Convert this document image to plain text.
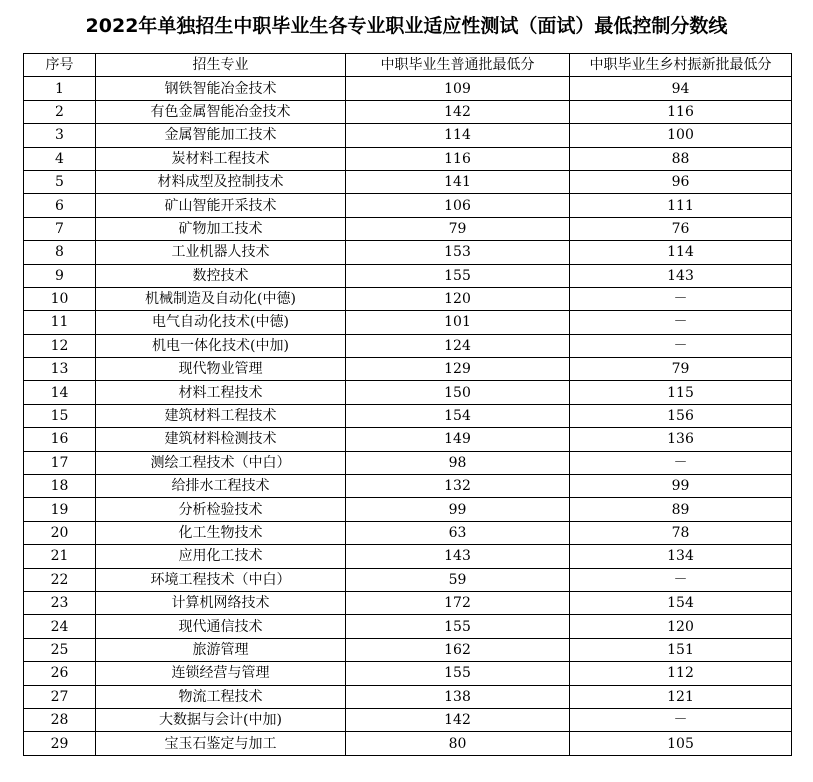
2022年单独招生中职毕业生各专业职业适应性测试（面试）最低控制分数线
序号	招生专业	中职毕业生普通批最低分	中职毕业生乡村振新批最低分
1	钢铁智能冶金技术	109	94
2	有色金属智能冶金技术	142	116
3	金属智能加工技术	114	100
4	炭材料工程技术	116	88
5	材料成型及控制技术	141	96
6	矿山智能开采技术	106	111
7	矿物加工技术	79	76
8	工业机器人技术	153	114
9	数控技术	155	143
10	机械制造及自动化(中德)	120	－
11	电气自动化技术(中德)	101	－
12	机电一体化技术(中加)	124	－
13	现代物业管理	129	79
14	材料工程技术	150	115
15	建筑材料工程技术	154	156
16	建筑材料检测技术	149	136
17	测绘工程技术（中白）	98	－
18	给排水工程技术	132	99
19	分析检验技术	99	89
20	化工生物技术	63	78
21	应用化工技术	143	134
22	环境工程技术（中白）	59	－
23	计算机网络技术	172	154
24	现代通信技术	155	120
25	旅游管理	162	151
26	连锁经营与管理	155	112
27	物流工程技术	138	121
28	大数据与会计(中加)	142	－
29	宝玉石鉴定与加工	80	105
